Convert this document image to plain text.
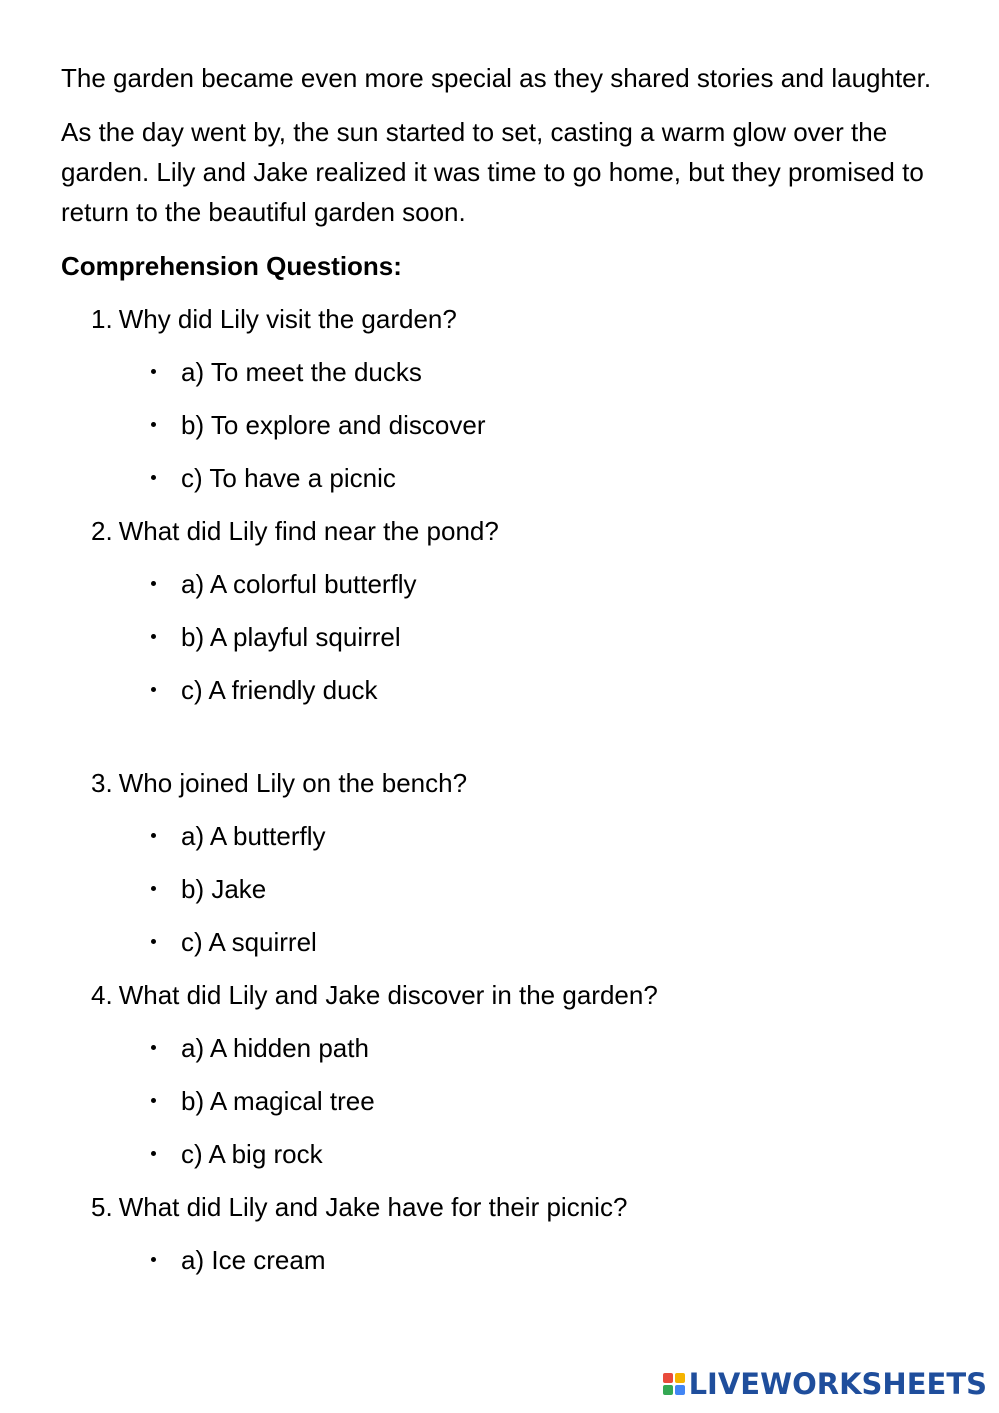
The garden became even more special as they shared stories and laughter.

As the day went by, the sun started to set, casting a warm glow over the garden. Lily and Jake realized it was time to go home, but they promised to return to the beautiful garden soon.

Comprehension Questions:
1. Why did Lily visit the garden?
a) To meet the ducks
b) To explore and discover
c) To have a picnic
2. What did Lily find near the pond?
a) A colorful butterfly
b) A playful squirrel
c) A friendly duck
3. Who joined Lily on the bench?
a) A butterfly
b) Jake
c) A squirrel
4. What did Lily and Jake discover in the garden?
a) A hidden path
b) A magical tree
c) A big rock
5. What did Lily and Jake have for their picnic?
a) Ice cream
LIVEWORKSHEETS
